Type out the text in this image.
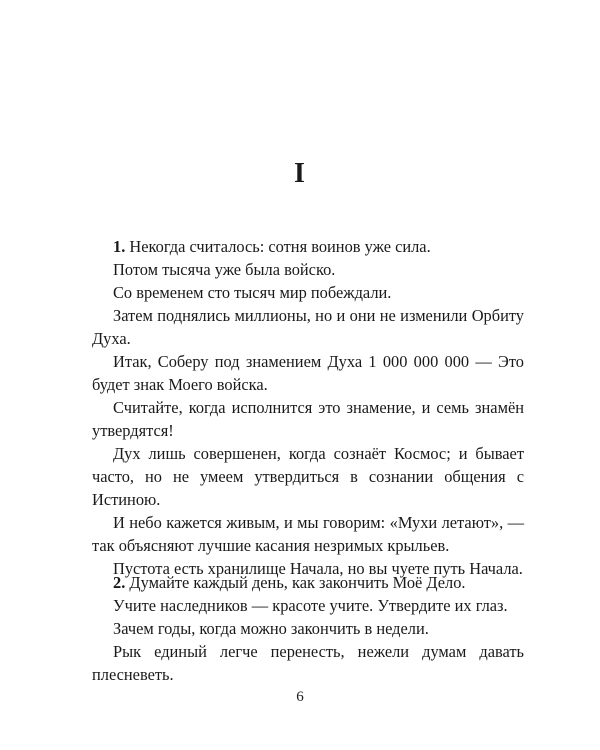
I

1. Некогда считалось: сотня воинов уже сила.

Потом тысяча уже была войско.

Со временем сто тысяч мир побеждали.

Затем поднялись миллионы, но и они не изменили Орбиту Духа.

Итак, Соберу под знамением Духа 1 000 000 000 — Это будет знак Моего войска.

Считайте, когда исполнится это знамение, и семь знамён утвердятся!

Дух лишь совершенен, когда сознаёт Космос; и бывает часто, но не умеем утвердиться в сознании общения с Истиною.

И небо кажется живым, и мы говорим: «Мухи летают», — так объясняют лучшие касания незримых крыльев.

Пустота есть хранилище Начала, но вы чуете путь Начала.

2. Думайте каждый день, как закончить Моё Дело.

Учите наследников — красоте учите. Утвердите их глаз.

Зачем годы, когда можно закончить в недели.

Рык единый легче перенесть, нежели думам давать плесневеть.

6
